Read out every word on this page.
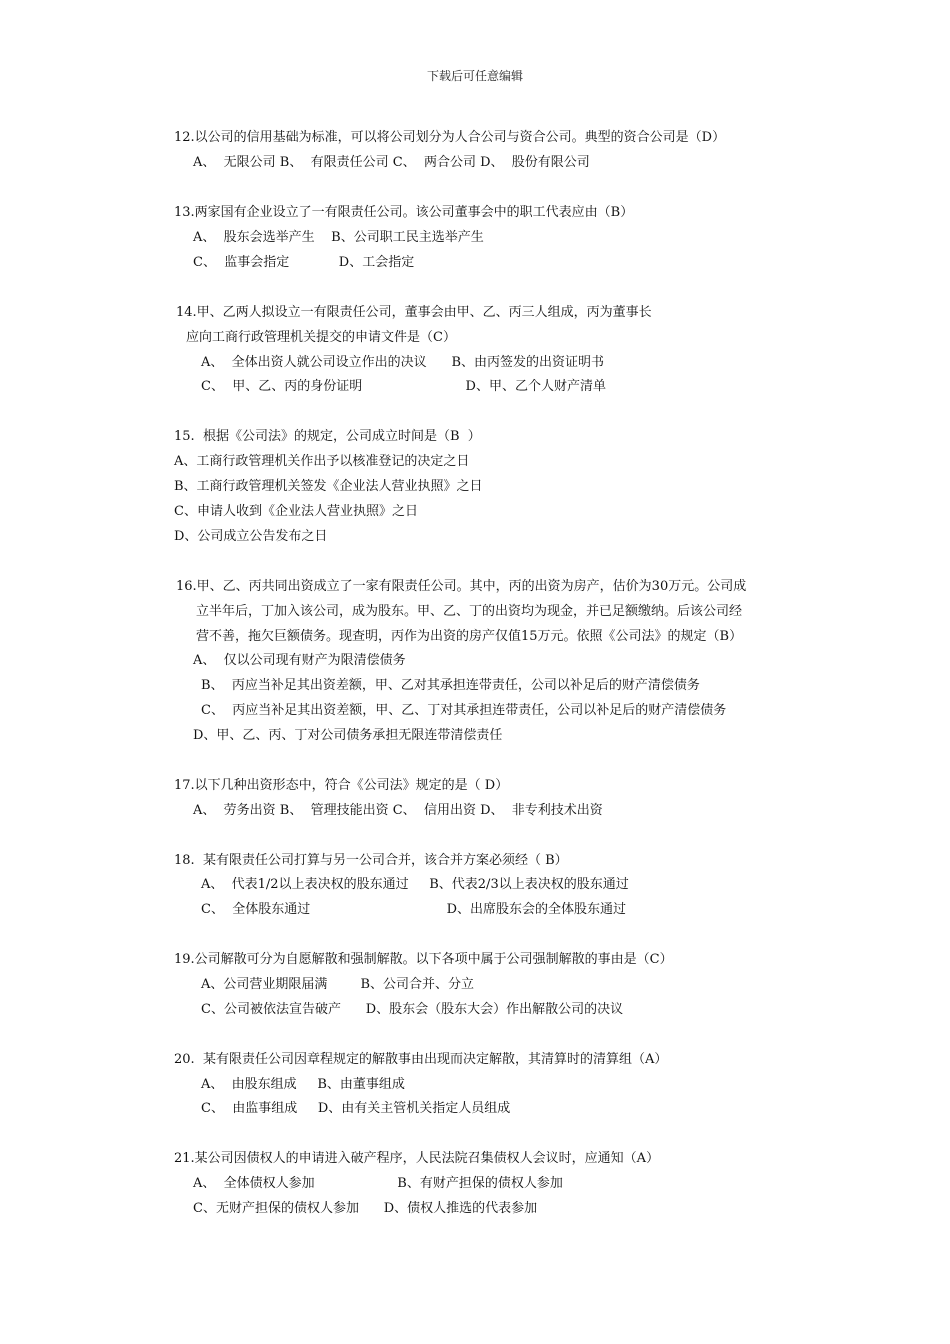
下载后可任意编辑
12.以公司的信用基础为标准，可以将公司划分为人合公司与资合公司。典型的资合公司是（D）
A、  无限公司 B、  有限责任公司 C、  两合公司 D、  股份有限公司
13.两家国有企业设立了一有限责任公司。该公司董事会中的职工代表应由（B）
A、  股东会选举产生    B、公司职工民主选举产生
C、  监事会指定            D、工会指定
14.甲、乙两人拟设立一有限责任公司，董事会由甲、乙、丙三人组成，丙为董事长
应向工商行政管理机关提交的申请文件是（C）
A、  全体出资人就公司设立作出的决议      B、由丙签发的出资证明书
C、  甲、乙、丙的身份证明                         D、甲、乙个人财产清单
15.  根据《公司法》的规定，公司成立时间是（B  ）
A、工商行政管理机关作出予以核准登记的决定之日
B、工商行政管理机关签发《企业法人营业执照》之日
C、申请人收到《企业法人营业执照》之日
D、公司成立公告发布之日
16.甲、乙、丙共同出资成立了一家有限责任公司。其中，丙的出资为房产，估价为30万元。公司成
立半年后，丁加入该公司，成为股东。甲、乙、丁的出资均为现金，并已足额缴纳。后该公司经
营不善，拖欠巨额债务。现查明，丙作为出资的房产仅值15万元。依照《公司法》的规定（B）
A、  仅以公司现有财产为限清偿债务
B、  丙应当补足其出资差额，甲、乙对其承担连带责任，公司以补足后的财产清偿债务
C、  丙应当补足其出资差额，甲、乙、丁对其承担连带责任，公司以补足后的财产清偿债务
D、甲、乙、丙、丁对公司债务承担无限连带清偿责任
17.以下几种出资形态中，符合《公司法》规定的是（ D）
A、  劳务出资 B、  管理技能出资 C、  信用出资 D、  非专利技术出资
18.  某有限责任公司打算与另一公司合并，该合并方案必须经（ B）
A、  代表1/2以上表决权的股东通过     B、代表2/3以上表决权的股东通过
C、  全体股东通过                                 D、出席股东会的全体股东通过
19.公司解散可分为自愿解散和强制解散。以下各项中属于公司强制解散的事由是（C）
A、公司营业期限届满        B、公司合并、分立
C、公司被依法宣告破产      D、股东会（股东大会）作出解散公司的决议
20.  某有限责任公司因章程规定的解散事由出现而决定解散，其清算时的清算组（A）
A、  由股东组成     B、由董事组成
C、  由监事组成     D、由有关主管机关指定人员组成
21.某公司因债权人的申请进入破产程序，人民法院召集债权人会议时，应通知（A）
A、  全体债权人参加                    B、有财产担保的债权人参加
C、无财产担保的债权人参加      D、债权人推选的代表参加
